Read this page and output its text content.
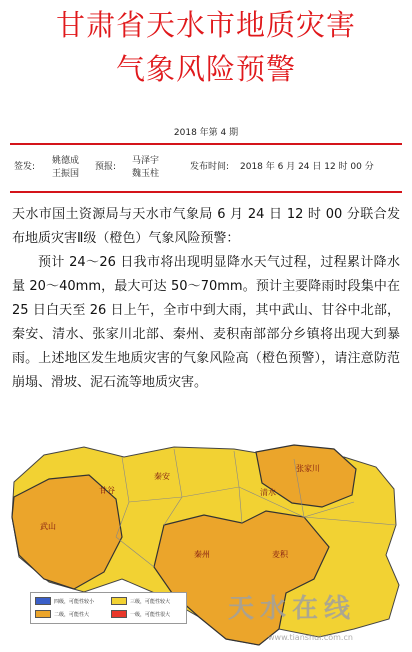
甘肃省天水市地质灾害
气象风险预警
2018 年第 4 期
签发:
姚德成
王振国
预报:
马泽宇
魏玉柱
发布时间: 2018 年 6 月 24 日 12 时 00 分

天水市国土资源局与天水市气象局 6 月 24 日 12 时 00 分联合发布地质灾害Ⅱ级（橙色）气象风险预警：

预计 24～26 日我市将出现明显降水天气过程，过程累计降水量 20～40mm，最大可达 50～70mm。预计主要降雨时段集中在 25 日白天至 26 日上午，全市中到大雨，其中武山、甘谷中北部，秦安、清水、张家川北部、秦州、麦积南部部分乡镇将出现大到暴雨。上述地区发生地质灾害的气象风险高（橙色预警），请注意防范崩塌、滑坡、泥石流等地质灾害。

武山
甘谷
秦安
清水
张家川
秦州	麦积
四级，可能性较小	三级，可能性较大
二级，可能性大	一级，可能性很大 天水在线
www.tianshui.com.cn
